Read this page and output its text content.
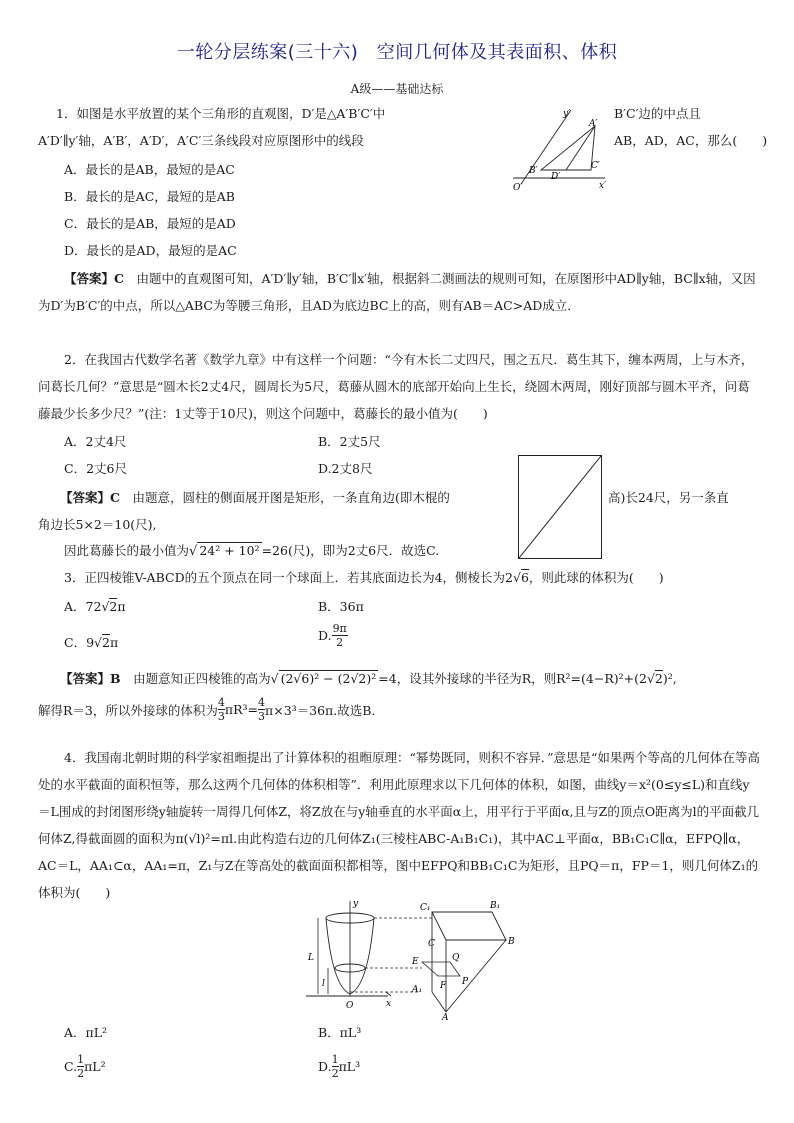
一轮分层练案(三十六)　空间几何体及其表面积、体积
A级——基础达标
1．如图是水平放置的某个三角形的直观图，D′是△A′B′C′中	B′C′边的中点且
A′D′∥y′轴，A′B′，A′D′，A′C′三条线段对应原图形中的线段	AB，AD，AC，那么(　　)
A．最长的是AB，最短的是AC
B．最长的是AC，最短的是AB
C．最长的是AB，最短的是AD
D．最长的是AD，最短的是AC
y′
x′
O′
A′
B′	C′
D′
【答案】C　 由题中的直观图可知，A′D′∥y′轴，B′C′∥x′轴，根据斜二测画法的规则可知，在原图形中AD∥y轴，BC∥x轴，又因为D′为B′C′的中点，所以△ABC为等腰三角形，且AD为底边BC上的高，则有AB＝AC>AD成立．
2．在我国古代数学名著《数学九章》中有这样一个问题：“今有木长二丈四尺，围之五尺．葛生其下，缠本两周，上与木齐，问葛长几何？”意思是“圆木长2丈4尺，圆周长为5尺，葛藤从圆木的底部开始向上生长，绕圆木两周，刚好顶部与圆木平齐，问葛藤最少长多少尺？”(注：1丈等于10尺)，则这个问题中，葛藤长的最小值为(　　)
A．2丈4尺	B．2丈5尺
C．2丈6尺	D.2丈8尺
【答案】C　 由题意，圆柱的侧面展开图是矩形，一条直角边(即木棍的	高)长24尺，另一条直
角边长5×2＝10(尺),
因此葛藤长的最小值为√ 24² + 10² =26(尺)，即为2丈6尺．故选C.
3．正四棱锥V-ABCD的五个顶点在同一个球面上．若其底面边长为4，侧棱长为2√6，则此球的体积为(　　)
A．72√2π	B．36π
C．9√2π	D. $\frac{9\pi}{2}$
【答案】B　 由题意知正四棱锥的高为√ (2√6)² − (2√2)² =4，设其外接球的半径为R，则R²=(4−R)²+(2√2)²,
解得R＝3，所以外接球的体积为 $\frac{4}{3} \pi R^3= \frac{4}{3} \pi\times 3^3=36\pi$.故选B.
4．我国南北朝时期的科学家祖暅提出了计算体积的祖暅原理：“幂势既同，则积不容异．”意思是“如果两个等高的几何体在等高处的水平截面的面积恒等，那么这两个几何体的体积相等”．利用此原理求以下几何体的体积，如图，曲线y＝x²(0≤y≤L)和直线y＝L围成的封闭图形绕y轴旋转一周得几何体Z，将Z放在与y轴垂直的水平面α上，用平行于平面α,且与Z的顶点O距离为l的平面截几何体Z,得截面圆的面积为π(√l)²=πl.由此构造右边的几何体Z₁(三棱柱ABC-A₁B₁C₁)，其中AC⊥平面α，BB₁C₁C∥α，EFPQ∥α，AC＝L，AA₁⊂α，AA₁=π，Z₁与Z在等高处的截面面积都相等，图中EFPQ和BB₁C₁C为矩形，且PQ＝π，FP＝1，则几何体Z₁的体积为(　　)
y
x
O
L
l
C₁	B₁
B
C
E	Q
A₁ F P
A
A．πL²	B．πL³
C. $\frac{1}{2} \pi L^2$	D. $\frac{1}{2} \pi L^3$
